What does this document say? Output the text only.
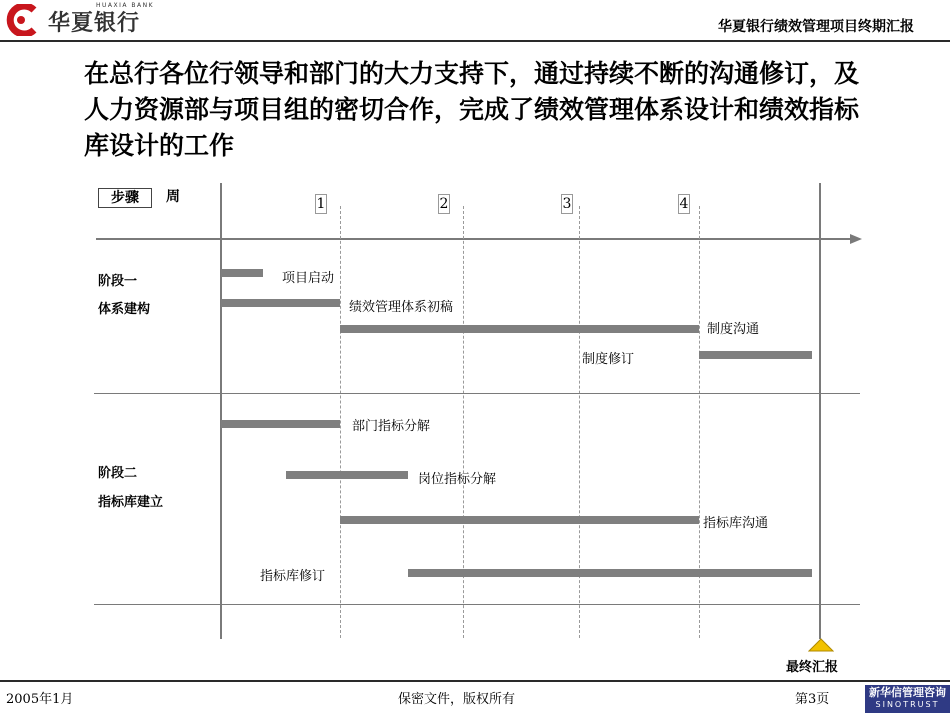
HUAXIA BANK
华夏银行	华夏银行绩效管理项目终期汇报
在总行各位行领导和部门的大力支持下，通过持续不断的沟通修订，及人力资源部与项目组的密切合作，完成了绩效管理体系设计和绩效指标库设计的工作
步骤	周	1	2	3	4
阶段一
体系建构
阶段二
指标库建立
项目启动
绩效管理体系初稿
制度沟通
制度修订
部门指标分解
岗位指标分解
指标库沟通
指标库修订
最终汇报
2005年1月	保密文件，版权所有	第3页	新华信管理咨询
SINOTRUST
